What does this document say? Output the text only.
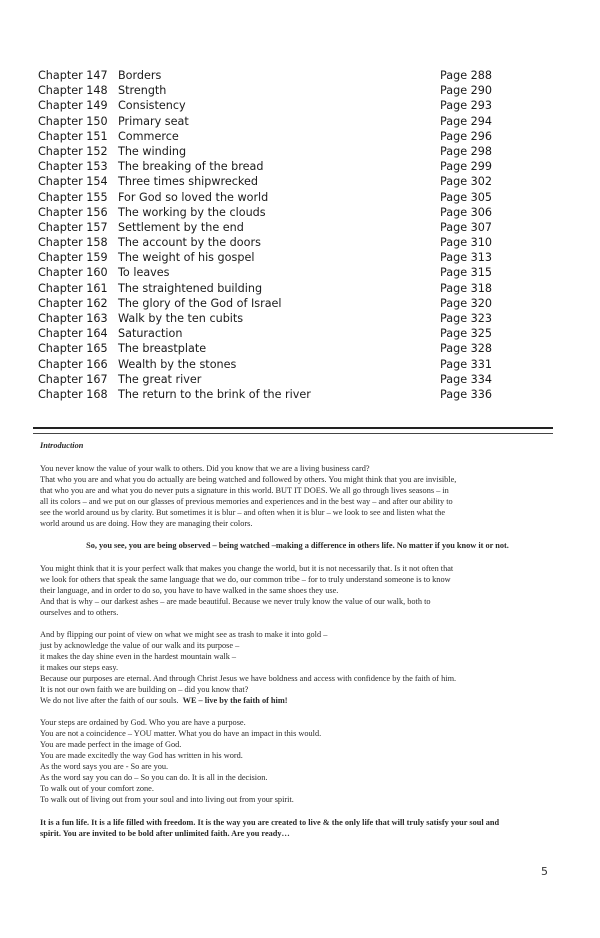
Chapter 147 Borders	Page 288
Chapter 148 Strength	Page 290
Chapter 149 Consistency	Page 293
Chapter 150 Primary seat	Page 294
Chapter 151 Commerce	Page 296
Chapter 152 The winding	Page 298
Chapter 153 The breaking of the bread	Page 299
Chapter 154 Three times shipwrecked	Page 302
Chapter 155 For God so loved the world	Page 305
Chapter 156 The working by the clouds	Page 306
Chapter 157 Settlement by the end	Page 307
Chapter 158 The account by the doors	Page 310
Chapter 159 The weight of his gospel	Page 313
Chapter 160 To leaves	Page 315
Chapter 161 The straightened building	Page 318
Chapter 162 The glory of the God of Israel	Page 320
Chapter 163 Walk by the ten cubits	Page 323
Chapter 164 Saturaction	Page 325
Chapter 165 The breastplate	Page 328
Chapter 166 Wealth by the stones	Page 331
Chapter 167 The great river	Page 334
Chapter 168 The return to the brink of the river	Page 336

Introduction

You never know the value of your walk to others. Did you know that we are a living business card?

That who you are and what you do actually are being watched and followed by others. You might think that you are invisible,

that who you are and what you do never puts a signature in this world. BUT IT DOES. We all go through lives seasons – in

all its colors – and we put on our glasses of previous memories and experiences and in the best way – and after our ability to

see the world around us by clarity. But sometimes it is blur – and often when it is blur – we look to see and listen what the

world around us are doing. How they are managing their colors.

So, you see, you are being observed – being watched –making a difference in others life. No matter if you know it or not.

You might think that it is your perfect walk that makes you change the world, but it is not necessarily that. Is it not often that

we look for others that speak the same language that we do, our common tribe – for to truly understand someone is to know

their language, and in order to do so, you have to have walked in the same shoes they use.

And that is why – our darkest ashes – are made beautiful. Because we never truly know the value of our walk, both to

ourselves and to others.

And by flipping our point of view on what we might see as trash to make it into gold –

just by acknowledge the value of our walk and its purpose –

it makes the day shine even in the hardest mountain walk –

it makes our steps easy.

Because our purposes are eternal. And through Christ Jesus we have boldness and access with confidence by the faith of him.

It is not our own faith we are building on – did you know that?

We do not live after the faith of our souls. WE – live by the faith of him!

Your steps are ordained by God. Who you are have a purpose.

You are not a coincidence – YOU matter. What you do have an impact in this would.

You are made perfect in the image of God.

You are made excitedly the way God has written in his word.

As the word says you are - So are you.

As the word say you can do – So you can do. It is all in the decision.

To walk out of your comfort zone.

To walk out of living out from your soul and into living out from your spirit.

It is a fun life. It is a life filled with freedom. It is the way you are created to live & the only life that will truly satisfy your soul and

spirit. You are invited to be bold after unlimited faith. Are you ready…

5
